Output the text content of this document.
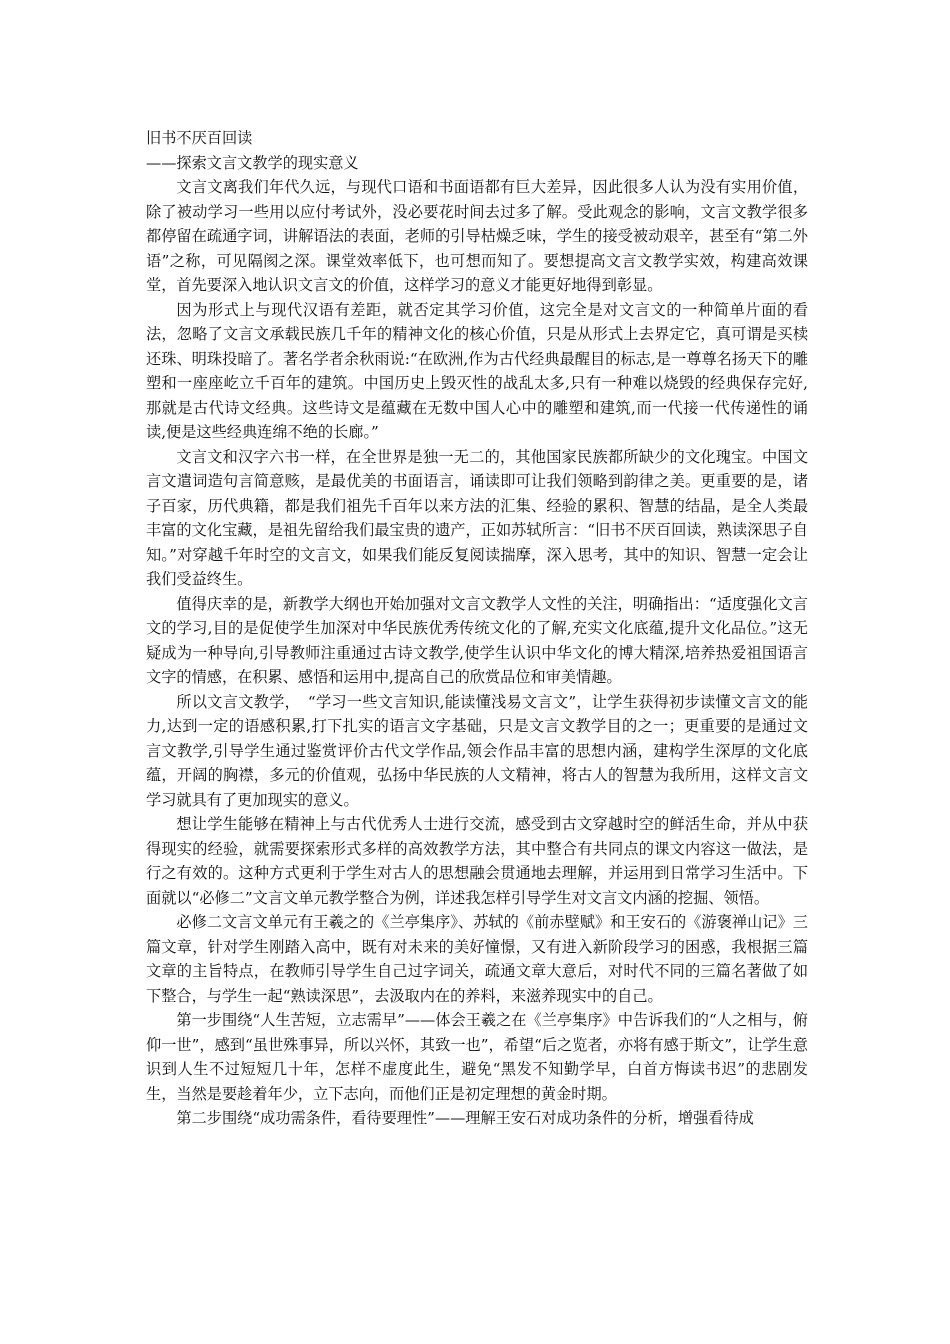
旧书不厌百回读
——探索文言文教学的现实意义

文言文离我们年代久远，与现代口语和书面语都有巨大差异，因此很多人认为没有实用价值，除了被动学习一些用以应付考试外，没必要花时间去过多了解。受此观念的影响，文言文教学很多都停留在疏通字词，讲解语法的表面，老师的引导枯燥乏味，学生的接受被动艰辛，甚至有“第二外语”之称，可见隔阂之深。课堂效率低下，也可想而知了。要想提高文言文教学实效，构建高效课堂，首先要深入地认识文言文的价值，这样学习的意义才能更好地得到彰显。

因为形式上与现代汉语有差距，就否定其学习价值，这完全是对文言文的一种简单片面的看法，忽略了文言文承载民族几千年的精神文化的核心价值，只是从形式上去界定它，真可谓是买椟还珠、明珠投暗了。著名学者余秋雨说:“在欧洲,作为古代经典最醒目的标志,是一尊尊名扬天下的雕塑和一座座屹立千百年的建筑。中国历史上毁灭性的战乱太多,只有一种难以烧毁的经典保存完好,那就是古代诗文经典。这些诗文是蕴藏在无数中国人心中的雕塑和建筑,而一代接一代传递性的诵读,便是这些经典连绵不绝的长廊。”

文言文和汉字六书一样，在全世界是独一无二的，其他国家民族都所缺少的文化瑰宝。中国文言文遣词造句言简意赅，是最优美的书面语言，诵读即可让我们领略到韵律之美。更重要的是，诸子百家，历代典籍，都是我们祖先千百年以来方法的汇集、经验的累积、智慧的结晶，是全人类最丰富的文化宝藏，是祖先留给我们最宝贵的遗产，正如苏轼所言：“旧书不厌百回读，熟读深思子自知。”对穿越千年时空的文言文，如果我们能反复阅读揣摩，深入思考，其中的知识、智慧一定会让我们受益终生。

值得庆幸的是，新教学大纲也开始加强对文言文教学人文性的关注，明确指出：“适度强化文言文的学习,目的是促使学生加深对中华民族优秀传统文化的了解,充实文化底蕴,提升文化品位。”这无疑成为一种导向,引导教师注重通过古诗文教学,使学生认识中华文化的博大精深,培养热爱祖国语言文字的情感，在积累、感悟和运用中,提高自己的欣赏品位和审美情趣。

所以文言文教学，　“学习一些文言知识,能读懂浅易文言文”，让学生获得初步读懂文言文的能力,达到一定的语感积累,打下扎实的语言文字基础，只是文言文教学目的之一；更重要的是通过文言文教学,引导学生通过鉴赏评价古代文学作品,领会作品丰富的思想内涵，建构学生深厚的文化底蕴，开阔的胸襟，多元的价值观，弘扬中华民族的人文精神，将古人的智慧为我所用，这样文言文学习就具有了更加现实的意义。

想让学生能够在精神上与古代优秀人士进行交流，感受到古文穿越时空的鲜活生命，并从中获得现实的经验，就需要探索形式多样的高效教学方法，其中整合有共同点的课文内容这一做法，是行之有效的。这种方式更利于学生对古人的思想融会贯通地去理解，并运用到日常学习生活中。下面就以“必修二”文言文单元教学整合为例，详述我怎样引导学生对文言文内涵的挖掘、领悟。

必修二文言文单元有王羲之的《兰亭集序》、苏轼的《前赤壁赋》和王安石的《游褒禅山记》三篇文章，针对学生刚踏入高中，既有对未来的美好憧憬，又有进入新阶段学习的困惑，我根据三篇文章的主旨特点，在教师引导学生自己过字词关，疏通文章大意后，对时代不同的三篇名著做了如下整合，与学生一起“熟读深思”，去汲取内在的养料，来滋养现实中的自己。

第一步围绕“人生苦短，立志需早”——体会王羲之在《兰亭集序》中告诉我们的“人之相与，俯仰一世”，感到“虽世殊事异，所以兴怀，其致一也”，希望“后之览者，亦将有感于斯文”，让学生意识到人生不过短短几十年，怎样不虚度此生，避免“黑发不知勤学早，白首方悔读书迟”的悲剧发生，当然是要趁着年少，立下志向，而他们正是初定理想的黄金时期。

第二步围绕“成功需条件，看待要理性”——理解王安石对成功条件的分析，增强看待成
